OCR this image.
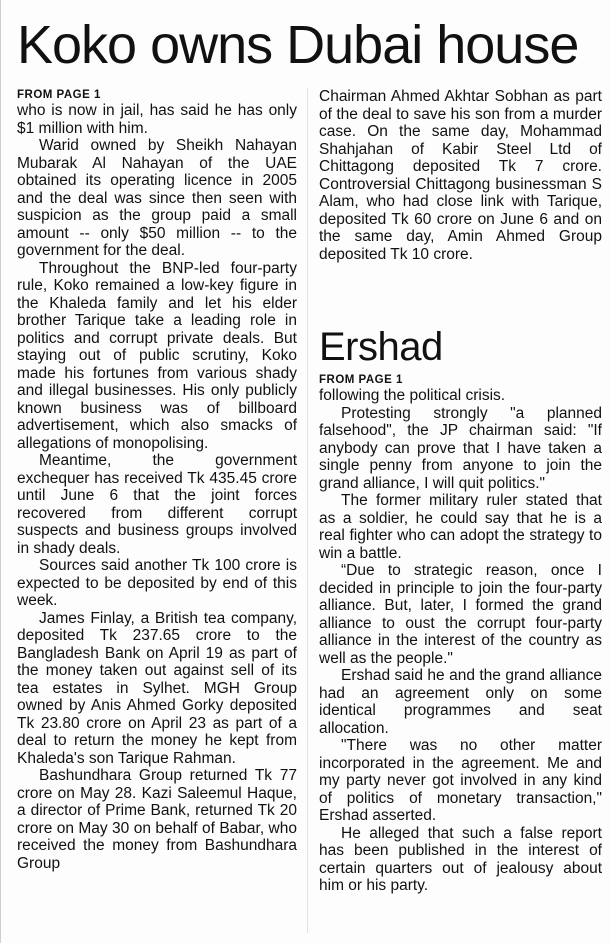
Koko owns Dubai house
FROM PAGE 1

who is now in jail, has said he has only $1 million with him.

Warid owned by Sheikh Nahayan Mubarak Al Nahayan of the UAE obtained its operating licence in 2005 and the deal was since then seen with suspicion as the group paid a small amount -- only $50 million -- to the government for the deal.

Throughout the BNP-led four-party rule, Koko remained a low-key figure in the Khaleda family and let his elder brother Tarique take a leading role in politics and corrupt private deals. But staying out of public scrutiny, Koko made his fortunes from various shady and illegal businesses. His only publicly known business was of billboard advertisement, which also smacks of allegations of monopolising.

Meantime, the government exchequer has received Tk 435.45 crore until June 6 that the joint forces recovered from different corrupt suspects and business groups involved in shady deals.

Sources said another Tk 100 crore is expected to be deposited by end of this week.

James Finlay, a British tea company, deposited Tk 237.65 crore to the Bangladesh Bank on April 19 as part of the money taken out against sell of its tea estates in Sylhet. MGH Group owned by Anis Ahmed Gorky deposited Tk 23.80 crore on April 23 as part of a deal to return the money he kept from Khaleda's son Tarique Rahman.

Bashundhara Group returned Tk 77 crore on May 28. Kazi Saleemul Haque, a director of Prime Bank, returned Tk 20 crore on May 30 on behalf of Babar, who received the money from Bashundhara Group

Chairman Ahmed Akhtar Sobhan as part of the deal to save his son from a murder case. On the same day, Mohammad Shahjahan of Kabir Steel Ltd of Chittagong deposited Tk 7 crore. Controversial Chittagong businessman S Alam, who had close link with Tarique, deposited Tk 60 crore on June 6 and on the same day, Amin Ahmed Group deposited Tk 10 crore.

Ershad
FROM PAGE 1

following the political crisis.

Protesting strongly "a planned falsehood", the JP chairman said: "If anybody can prove that I have taken a single penny from anyone to join the grand alliance, I will quit politics."

The former military ruler stated that as a soldier, he could say that he is a real fighter who can adopt the strategy to win a battle.

“Due to strategic reason, once I decided in principle to join the four-party alliance. But, later, I formed the grand alliance to oust the corrupt four-party alliance in the interest of the country as well as the people."

Ershad said he and the grand alliance had an agreement only on some identical programmes and seat allocation.

"There was no other matter incorporated in the agreement. Me and my party never got involved in any kind of politics of monetary transaction," Ershad asserted.

He alleged that such a false report has been published in the interest of certain quarters out of jealousy about him or his party.
